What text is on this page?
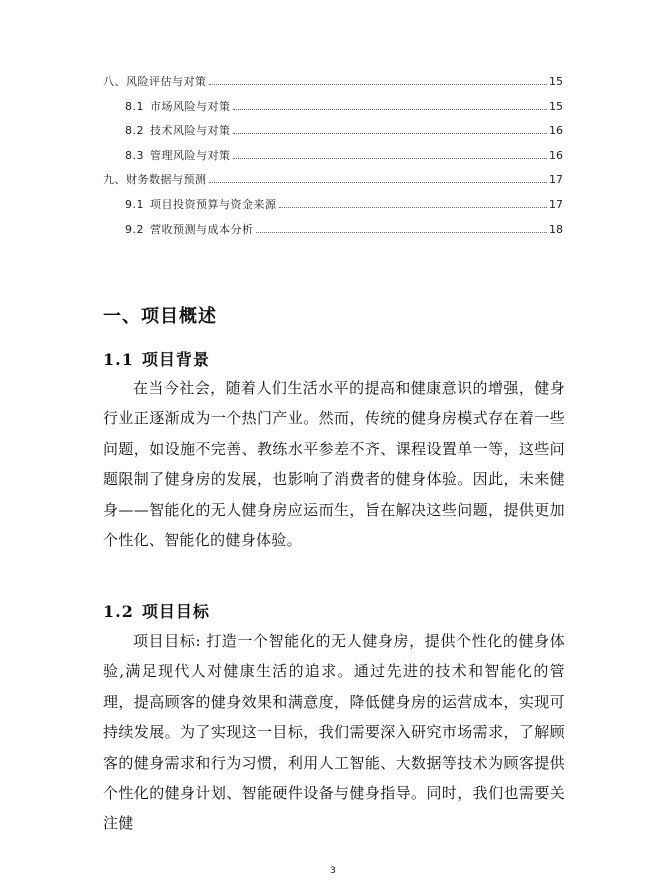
八、风险评估与对策	15
8.1 市场风险与对策	15
8.2 技术风险与对策	16
8.3 管理风险与对策	16
九、财务数据与预测	17
9.1 项目投资预算与资金来源	17
9.2 营收预测与成本分析	18
一、项目概述
1.1 项目背景

在当今社会，随着人们生活水平的提高和健康意识的增强，健身行业正逐渐成为一个热门产业。然而，传统的健身房模式存在着一些问题，如设施不完善、教练水平参差不齐、课程设置单一等，这些问题限制了健身房的发展，也影响了消费者的健身体验。因此，未来健身——智能化的无人健身房应运而生，旨在解决这些问题，提供更加个性化、智能化的健身体验。

1.2 项目目标

项目目标: 打造一个智能化的无人健身房，提供个性化的健身体验,满足现代人对健康生活的追求。通过先进的技术和智能化的管理，提高顾客的健身效果和满意度，降低健身房的运营成本，实现可持续发展。为了实现这一目标，我们需要深入研究市场需求，了解顾客的健身需求和行为习惯，利用人工智能、大数据等技术为顾客提供个性化的健身计划、智能硬件设备与健身指导。同时，我们也需要关注健

3
